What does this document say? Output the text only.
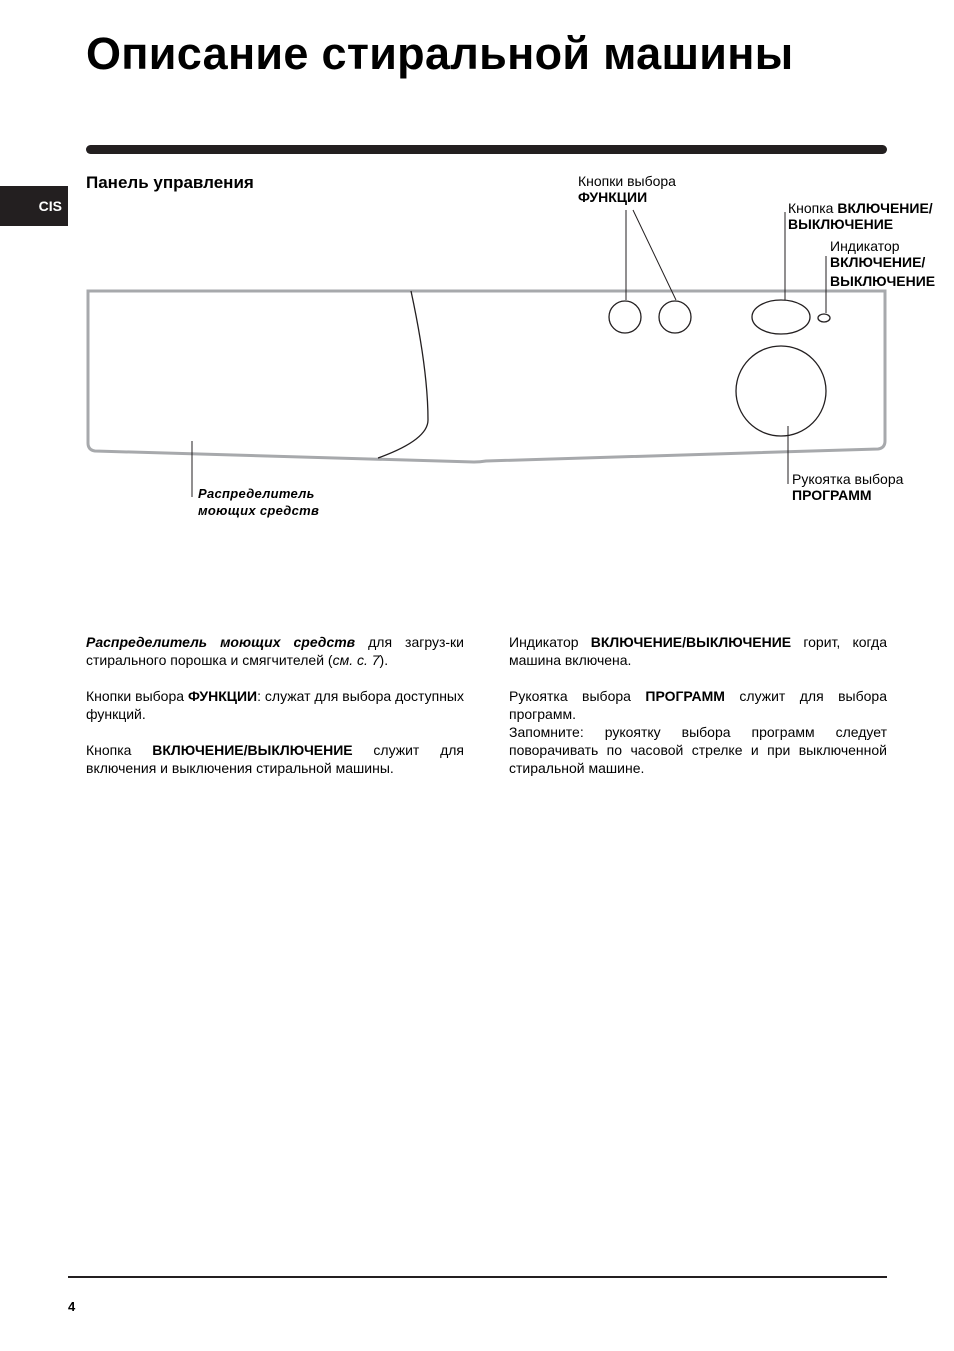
Описание стиральной машины
CIS
Панель управления	Кнопки выбора
ФУНКЦИИ
Кнопка ВКЛЮЧЕНИЕ/
ВЫКЛЮЧЕНИЕ
Индикатор
ВКЛЮЧЕНИЕ/
ВЫКЛЮЧЕНИЕ
Рукоятка выбора
ПРОГРАММ
Распределитель
моющих средств

Распределитель моющих средств для загруз-ки стирального порошка и смягчителей (см. с. 7).

Кнопки выбора ФУНКЦИИ: служат для выбора доступных функций.

Кнопка ВКЛЮЧЕНИЕ/ВЫКЛЮЧЕНИЕ служит для включения и выключения стиральной машины.

Индикатор ВКЛЮЧЕНИЕ/ВЫКЛЮЧЕНИЕ горит, когда машина включена.

Рукоятка выбора ПРОГРАММ служит для выбора программ.

Запомните: рукоятку выбора программ следует поворачивать по часовой стрелке и при выключенной стиральной машине.

4
